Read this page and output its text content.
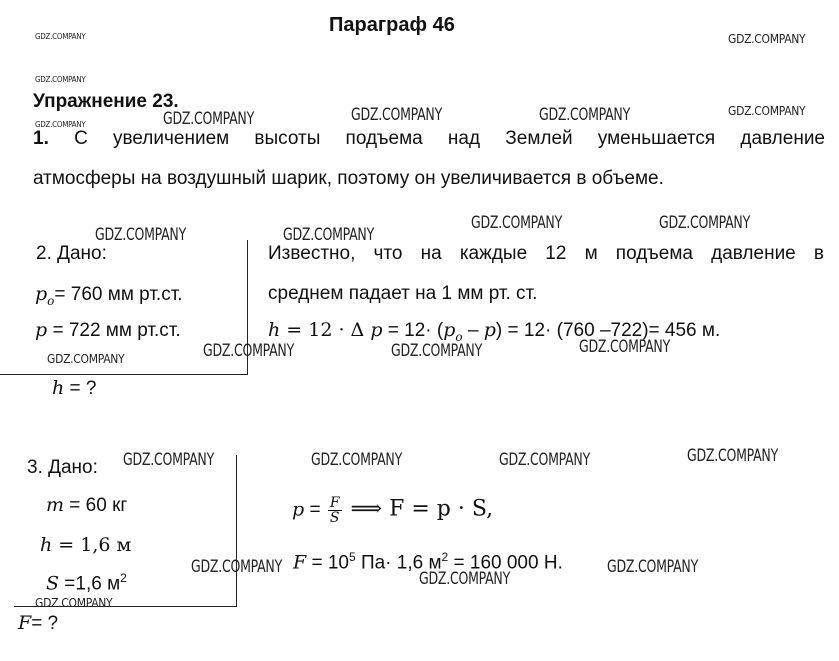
Параграф 46
Упражнение 23.
1. С увеличением высоты подъема над Землей уменьшается давление
атмосферы на воздушный шарик, поэтому он увеличивается в объеме.
2. Дано:
$p_o= 760$ мм рт.ст.
p = 722 мм рт.ст.
h = ?
Известно, что на каждые 12 м подъема давление в
среднем падает на 1 мм рт. ст.
h = 12 · Δ $p = 12\cdot (p_o - p) = 12\cdot (760$ –722)= 456 м.
3. Дано:
m = 60 кг
h = 1,6 м
S =1,6 $м^2$
F= ?
$p = \frac{F}{S}$ ⟹ F = p · S,
$F = 10^5$ Па· 1,6 $м^2 = 160$ 000 Н.
GDZ.COMPANY	GDZ.COMPANY
GDZ.COMPANY
GDZ.COMPANY	GDZ.COMPANY	GDZ.COMPANY	GDZ.COMPANY	GDZ.COMPANY
GDZ.COMPANY	GDZ.COMPANY
GDZ.COMPANY	GDZ.COMPANY
GDZ.COMPANY	GDZ.COMPANY	GDZ.COMPANY	GDZ.COMPANY
GDZ.COMPANY	GDZ.COMPANY	GDZ.COMPANY	GDZ.COMPANY
GDZ.COMPANY
GDZ.COMPANY
GDZ.COMPANY
GDZ.COMPANY
